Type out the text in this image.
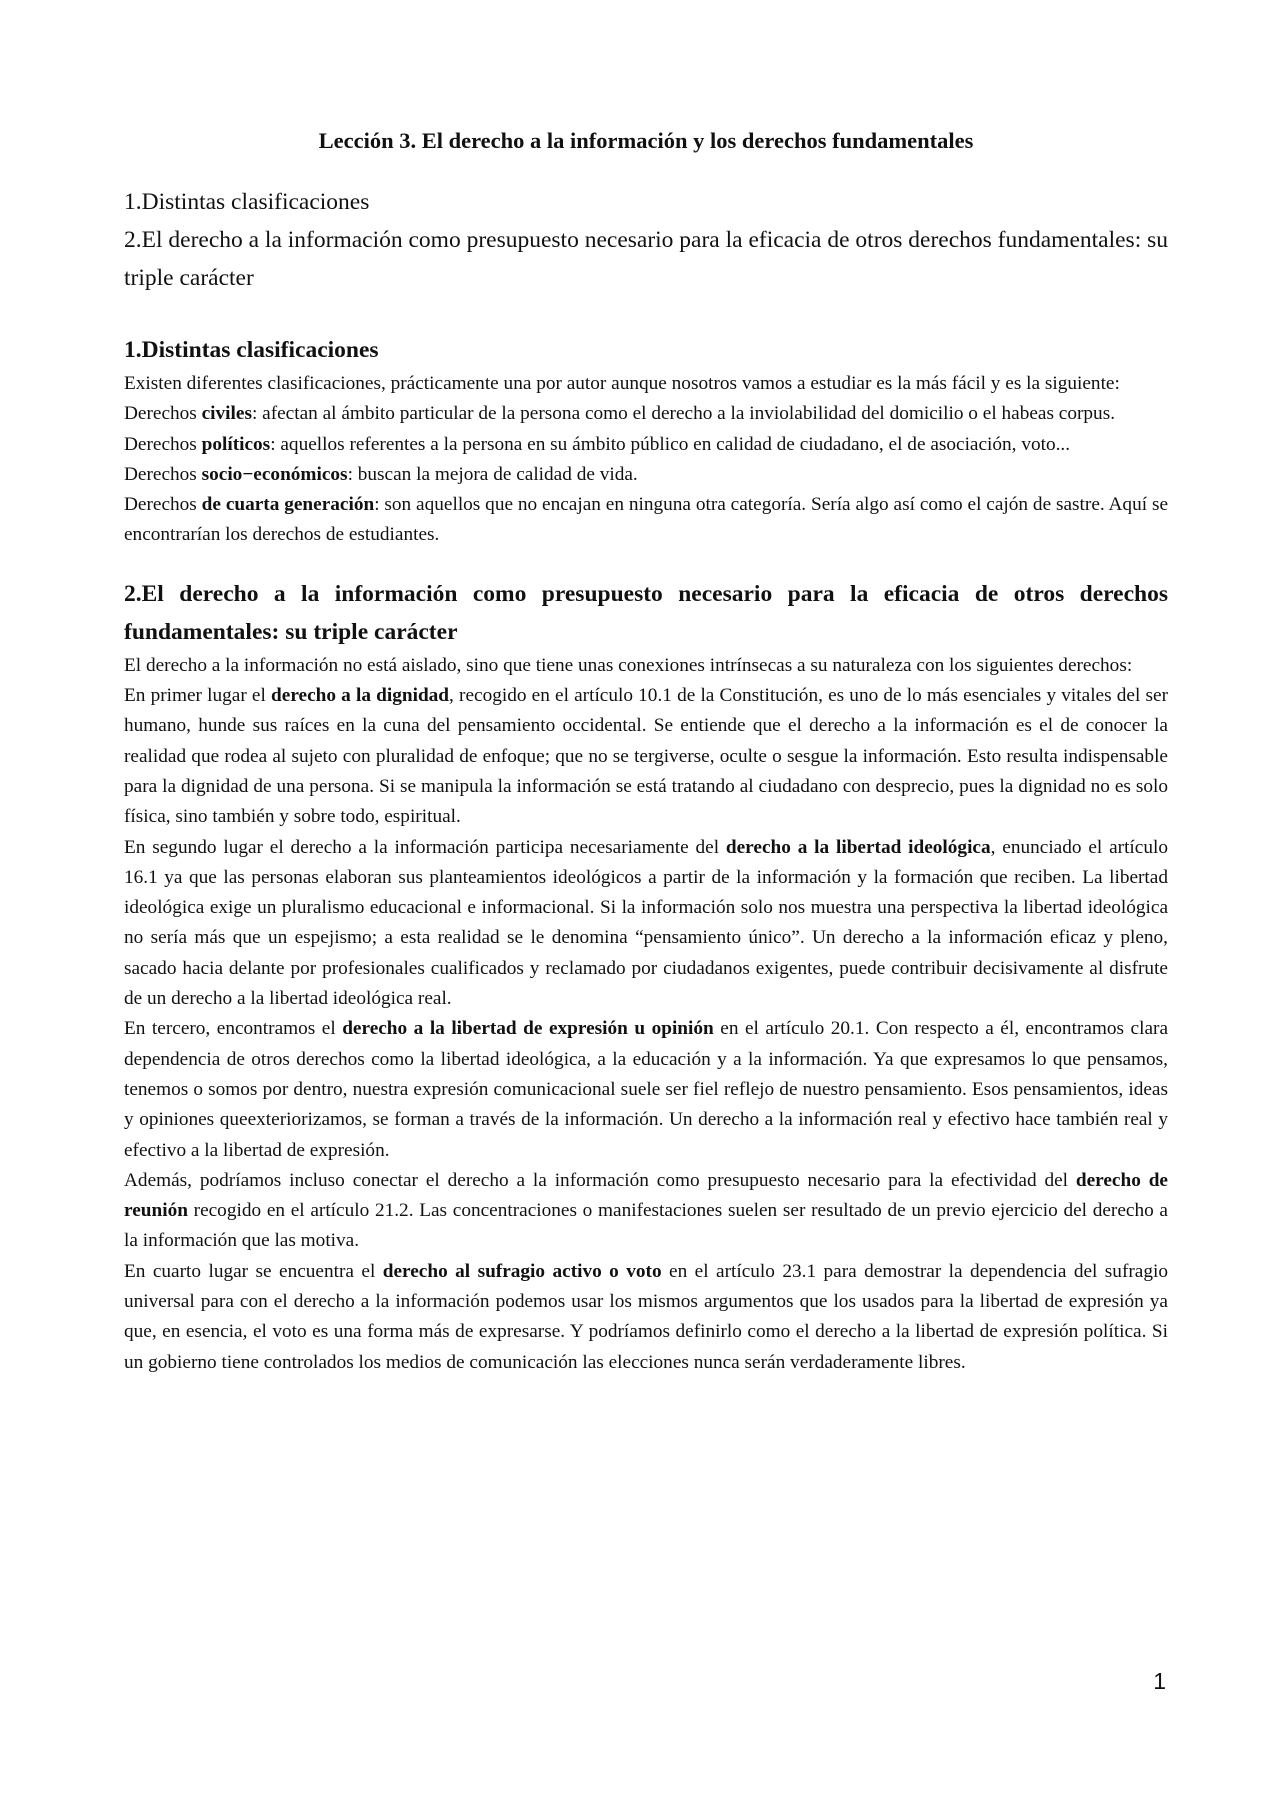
Lección 3. El derecho a la información y los derechos fundamentales

1.Distintas clasificaciones

2.El derecho a la información como presupuesto necesario para la eficacia de otros derechos fundamentales: su triple carácter

1.Distintas clasificaciones

Existen diferentes clasificaciones, prácticamente una por autor aunque nosotros vamos a estudiar es la más fácil y es la siguiente:

Derechos civiles: afectan al ámbito particular de la persona como el derecho a la inviolabilidad del domicilio o el habeas corpus.

Derechos políticos: aquellos referentes a la persona en su ámbito público en calidad de ciudadano, el de asociación, voto...

Derechos socio−económicos: buscan la mejora de calidad de vida.

Derechos de cuarta generación: son aquellos que no encajan en ninguna otra categoría. Sería algo así como el cajón de sastre. Aquí se encontrarían los derechos de estudiantes.

2.El derecho a la información como presupuesto necesario para la eficacia de otros derechos fundamentales: su triple carácter

El derecho a la información no está aislado, sino que tiene unas conexiones intrínsecas a su naturaleza con los siguientes derechos:

En primer lugar el derecho a la dignidad, recogido en el artículo 10.1 de la Constitución, es uno de lo más esenciales y vitales del ser humano, hunde sus raíces en la cuna del pensamiento occidental. Se entiende que el derecho a la información es el de conocer la realidad que rodea al sujeto con pluralidad de enfoque; que no se tergiverse, oculte o sesgue la información. Esto resulta indispensable para la dignidad de una persona. Si se manipula la información se está tratando al ciudadano con desprecio, pues la dignidad no es solo física, sino también y sobre todo, espiritual.

En segundo lugar el derecho a la información participa necesariamente del derecho a la libertad ideológica, enunciado el artículo 16.1 ya que las personas elaboran sus planteamientos ideológicos a partir de la información y la formación que reciben. La libertad ideológica exige un pluralismo educacional e informacional. Si la información solo nos muestra una perspectiva la libertad ideológica no sería más que un espejismo; a esta realidad se le denomina “pensamiento único”. Un derecho a la información eficaz y pleno, sacado hacia delante por profesionales cualificados y reclamado por ciudadanos exigentes, puede contribuir decisivamente al disfrute de un derecho a la libertad ideológica real.

En tercero, encontramos el derecho a la libertad de expresión u opinión en el artículo 20.1. Con respecto a él, encontramos clara dependencia de otros derechos como la libertad ideológica, a la educación y a la información. Ya que expresamos lo que pensamos, tenemos o somos por dentro, nuestra expresión comunicacional suele ser fiel reflejo de nuestro pensamiento. Esos pensamientos, ideas y opiniones queexteriorizamos, se forman a través de la información. Un derecho a la información real y efectivo hace también real y efectivo a la libertad de expresión.

Además, podríamos incluso conectar el derecho a la información como presupuesto necesario para la efectividad del derecho de reunión recogido en el artículo 21.2. Las concentraciones o manifestaciones suelen ser resultado de un previo ejercicio del derecho a la información que las motiva.

En cuarto lugar se encuentra el derecho al sufragio activo o voto en el artículo 23.1 para demostrar la dependencia del sufragio universal para con el derecho a la información podemos usar los mismos argumentos que los usados para la libertad de expresión ya que, en esencia, el voto es una forma más de expresarse. Y podríamos definirlo como el derecho a la libertad de expresión política. Si un gobierno tiene controlados los medios de comunicación las elecciones nunca serán verdaderamente libres.

1
